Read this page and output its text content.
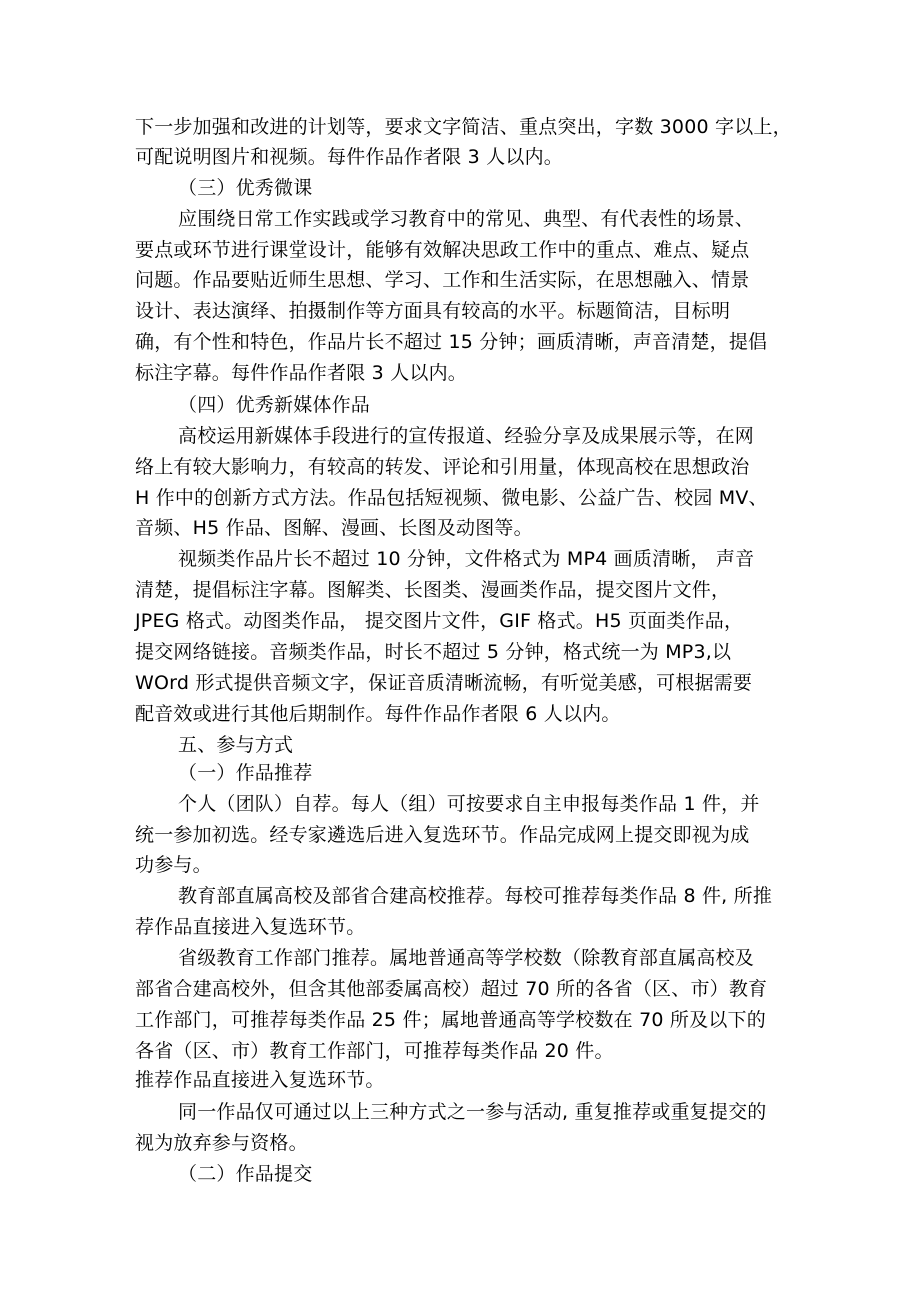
下一步加强和改进的计划等，要求文字简洁、重点突出，字数 3000 字以上，
可配说明图片和视频。每件作品作者限 3 人以内。
（三）优秀微课
应围绕日常工作实践或学习教育中的常见、典型、有代表性的场景、
要点或环节进行课堂设计，能够有效解决思政工作中的重点、难点、疑点
问题。作品要贴近师生思想、学习、工作和生活实际，在思想融入、情景
设计、表达演绎、拍摄制作等方面具有较高的水平。标题简洁，目标明
确，有个性和特色，作品片长不超过 15 分钟；画质清晰，声音清楚，提倡
标注字幕。每件作品作者限 3 人以内。
（四）优秀新媒体作品
高校运用新媒体手段进行的宣传报道、经验分享及成果展示等，在网
络上有较大影响力，有较高的转发、评论和引用量，体现高校在思想政治
H 作中的创新方式方法。作品包括短视频、微电影、公益广告、校园 MV、
音频、H5 作品、图解、漫画、长图及动图等。
视频类作品片长不超过 10 分钟，文件格式为 MP4 画质清晰， 声音
清楚，提倡标注字幕。图解类、长图类、漫画类作品，提交图片文件，
JPEG 格式。动图类作品， 提交图片文件，GIF 格式。H5 页面类作品，
提交网络链接。音频类作品，时长不超过 5 分钟，格式统一为 MP3,以
WOrd 形式提供音频文字，保证音质清晰流畅，有听觉美感，可根据需要
配音效或进行其他后期制作。每件作品作者限 6 人以内。
五、参与方式
（一）作品推荐
个人（团队）自荐。每人（组）可按要求自主申报每类作品 1 件，并
统一参加初选。经专家遴选后进入复选环节。作品完成网上提交即视为成
功参与。
教育部直属高校及部省合建高校推荐。每校可推荐每类作品 8 件, 所推
荐作品直接进入复选环节。
省级教育工作部门推荐。属地普通高等学校数（除教育部直属高校及
部省合建高校外，但含其他部委属高校）超过 70 所的各省（区、市）教育
工作部门，可推荐每类作品 25 件；属地普通高等学校数在 70 所及以下的
各省（区、市）教育工作部门，可推荐每类作品 20 件。
推荐作品直接进入复选环节。
同一作品仅可通过以上三种方式之一参与活动, 重复推荐或重复提交的
视为放弃参与资格。
（二）作品提交
